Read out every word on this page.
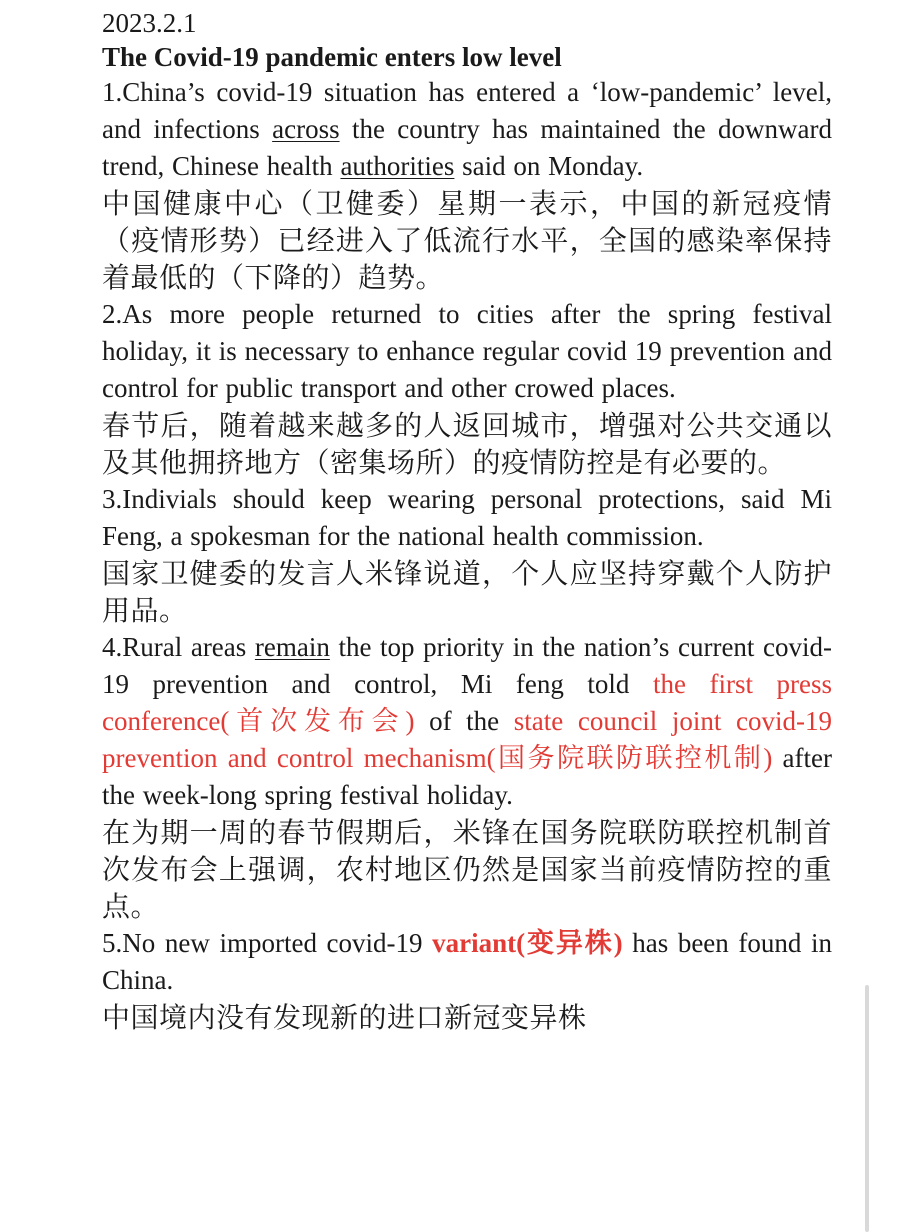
2023.2.1
The Covid-19 pandemic enters low level
1.China’s covid-19 situation has entered a ‘low-pandemic’ level, and infections across the country has maintained the downward trend, Chinese health authorities said on Monday.
中国健康中心（卫健委）星期一表示，中国的新冠疫情（疫情形势）已经进入了低流行水平，全国的感染率保持着最低的（下降的）趋势。
2.As more people returned to cities after the spring festival holiday, it is necessary to enhance regular covid 19 prevention and control for public transport and other crowed places.
春节后，随着越来越多的人返回城市，增强对公共交通以及其他拥挤地方（密集场所）的疫情防控是有必要的。
3.Indivials should keep wearing personal protections, said Mi Feng, a spokesman for the national health commission.
国家卫健委的发言人米锋说道，个人应坚持穿戴个人防护用品。
4.Rural areas remain the top priority in the nation’s current covid-19 prevention and control, Mi feng told the first press conference(首次发布会) of the state council joint covid-19 prevention and control mechanism(国务院联防联控机制) after the week-long spring festival holiday.
在为期一周的春节假期后，米锋在国务院联防联控机制首次发布会上强调，农村地区仍然是国家当前疫情防控的重点。
5.No new imported covid-19 variant(变异株) has been found in China.
中国境内没有发现新的进口新冠变异株
